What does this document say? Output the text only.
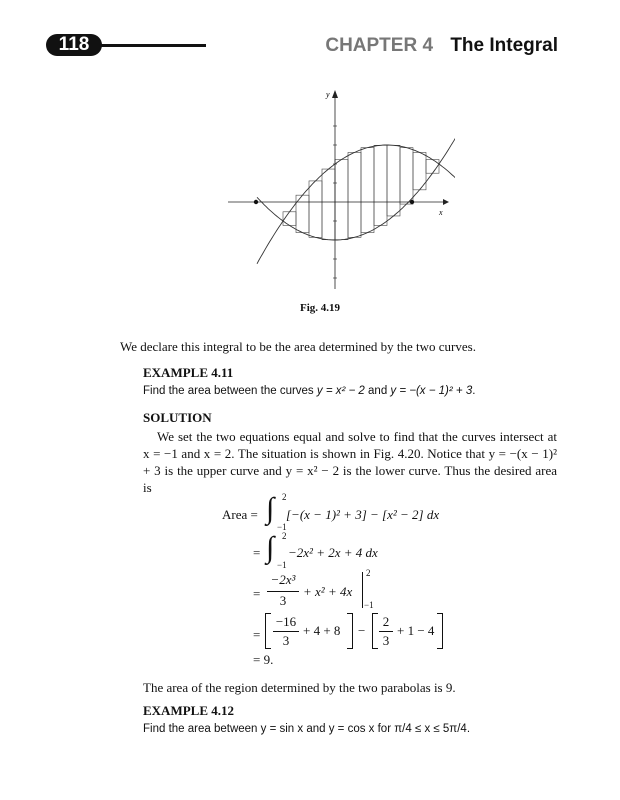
118	CHAPTER 4 The Integral
y
x
Fig. 4.19
We declare this integral to be the area determined by the two curves.
EXAMPLE 4.11
Find the area between the curves y = x² − 2 and y = −(x − 1)² + 3.
SOLUTION

We set the two equations equal and solve to find that the curves intersect at x = −1 and x = 2. The situation is shown in Fig. 4.20. Notice that y = −(x − 1)² + 3 is the upper curve and y = x² − 2 is the lower curve. Thus the desired area is

Area = ∫ 2
−1
[−(x − 1)² + 3] − [x² − 2] dx
= ∫ 2
−1
−2x² + 2x + 4 dx
=
−2x³
3
+ x² + 4x
2
−1
=
−16
3
+ 4 + 8 −
2
3
+ 1 − 4
= 9.
The area of the region determined by the two parabolas is 9.
EXAMPLE 4.12
Find the area between y = sin x and y = cos x for π/4 ≤ x ≤ 5π/4.
